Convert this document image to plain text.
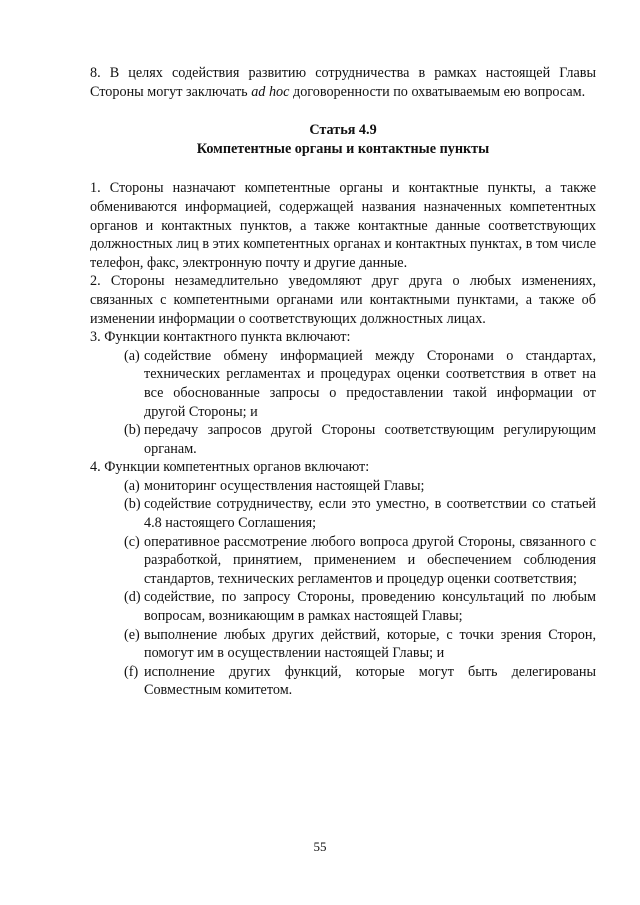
8. В целях содействия развитию сотрудничества в рамках настоящей Главы Стороны могут заключать ad hoc договоренности по охватываемым ею вопросам.

Статья 4.9
Компетентные органы и контактные пункты

1. Стороны назначают компетентные органы и контактные пункты, а также обмениваются информацией, содержащей названия назначенных компетентных органов и контактных пунктов, а также контактные данные соответствующих должностных лиц в этих компетентных органах и контактных пунктах, в том числе телефон, факс, электронную почту и другие данные.

2. Стороны незамедлительно уведомляют друг друга о любых изменениях, связанных с компетентными органами или контактными пунктами, а также об изменении информации о соответствующих должностных лицах.

3. Функции контактного пункта включают:

(a) содействие обмену информацией между Сторонами о стандартах, технических регламентах и процедурах оценки соответствия в ответ на все обоснованные запросы о предоставлении такой информации от другой Стороны; и
(b) передачу запросов другой Стороны соответствующим регулирующим органам.

4. Функции компетентных органов включают:

(a) мониторинг осуществления настоящей Главы;
(b) содействие сотрудничеству, если это уместно, в соответствии со статьей 4.8 настоящего Соглашения;
(c) оперативное рассмотрение любого вопроса другой Стороны, связанного с разработкой, принятием, применением и обеспечением соблюдения стандартов, технических регламентов и процедур оценки соответствия;
(d) содействие, по запросу Стороны, проведению консультаций по любым вопросам, возникающим в рамках настоящей Главы;
(e) выполнение любых других действий, которые, с точки зрения Сторон, помогут им в осуществлении настоящей Главы; и
(f) исполнение других функций, которые могут быть делегированы Совместным комитетом.
55
